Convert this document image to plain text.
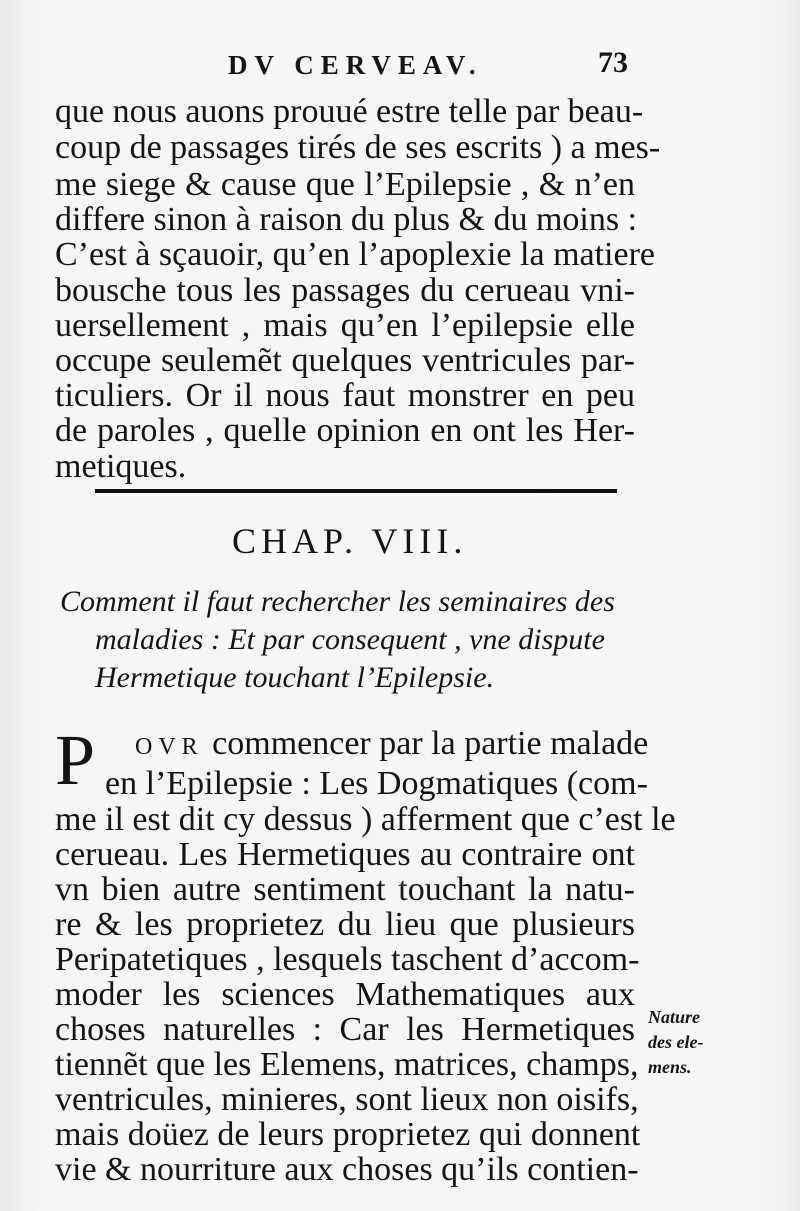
DV CERVEAV.	73
que nous auons prouué estre telle par beau-
coup de passages tirés de ses escrits ) a mes-
me siege & cause que l’Epilepsie , & n’en
differe sinon à raison du plus & du moins :
C’est à sçauoir, qu’en l’apoplexie la matiere
bousche tous les passages du cerueau vni-
uersellement , mais qu’en l’epilepsie elle
occupe seulemẽt quelques ventricules par-
ticuliers. Or il nous faut monstrer en peu
de paroles , quelle opinion en ont les Her-
metiques.
CHAP. VIII.
Comment il faut rechercher les seminaires des
maladies : Et par consequent , vne dispute
Hermetique touchant l’Epilepsie.
P OVR commencer par la partie malade
en l’Epilepsie : Les Dogmatiques (com-
me il est dit cy dessus ) afferment que c’est le
cerueau. Les Hermetiques au contraire ont
vn bien autre sentiment touchant la natu-
re & les proprietez du lieu que plusieurs
Peripatetiques , lesquels taschent d’accom-
moder les sciences Mathematiques aux
choses naturelles : Car les Hermetiques
tiennẽt que les Elemens, matrices, champs,
ventricules, minieres, sont lieux non oisifs,
mais doüez de leurs proprietez qui donnent
vie & nourriture aux choses qu’ils contien-
Nature
des ele-
mens.
